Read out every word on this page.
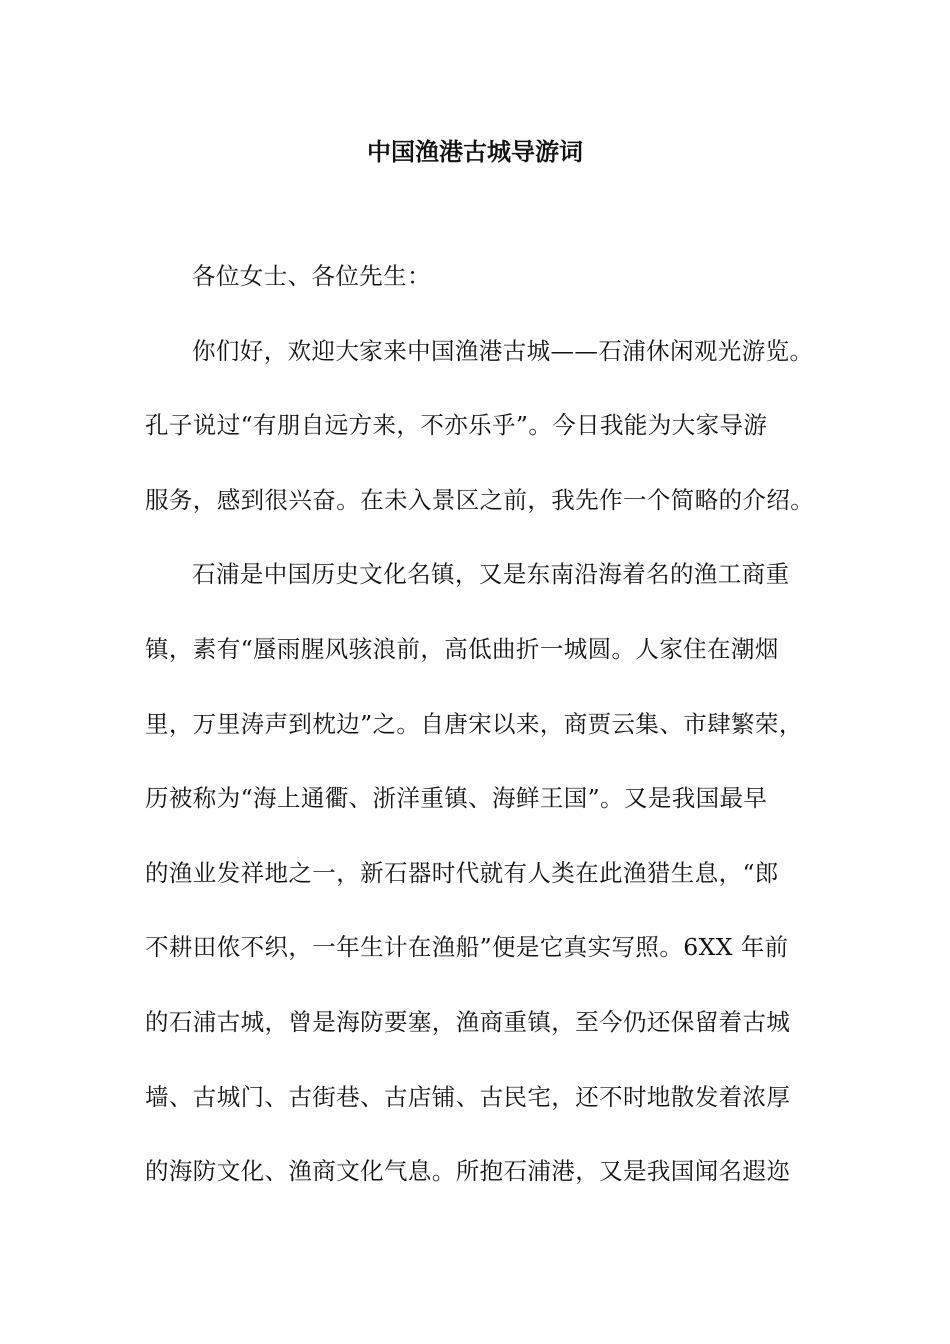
中国渔港古城导游词
各位女士、各位先生：
你们好，欢迎大家来中国渔港古城——石浦休闲观光游览。
孔子说过“有朋自远方来，不亦乐乎”。今日我能为大家导游
服务，感到很兴奋。在未入景区之前，我先作一个简略的介绍。
石浦是中国历史文化名镇，又是东南沿海着名的渔工商重
镇，素有“蜃雨腥风骇浪前，高低曲折一城圆。人家住在潮烟
里，万里涛声到枕边”之。自唐宋以来，商贾云集、市肆繁荣，
历被称为“海上通衢、浙洋重镇、海鲜王国”。又是我国最早
的渔业发祥地之一，新石器时代就有人类在此渔猎生息，“郎
不耕田侬不织，一年生计在渔船”便是它真实写照。6XX 年前
的石浦古城，曾是海防要塞，渔商重镇，至今仍还保留着古城
墙、古城门、古街巷、古店铺、古民宅，还不时地散发着浓厚
的海防文化、渔商文化气息。所抱石浦港，又是我国闻名遐迩
